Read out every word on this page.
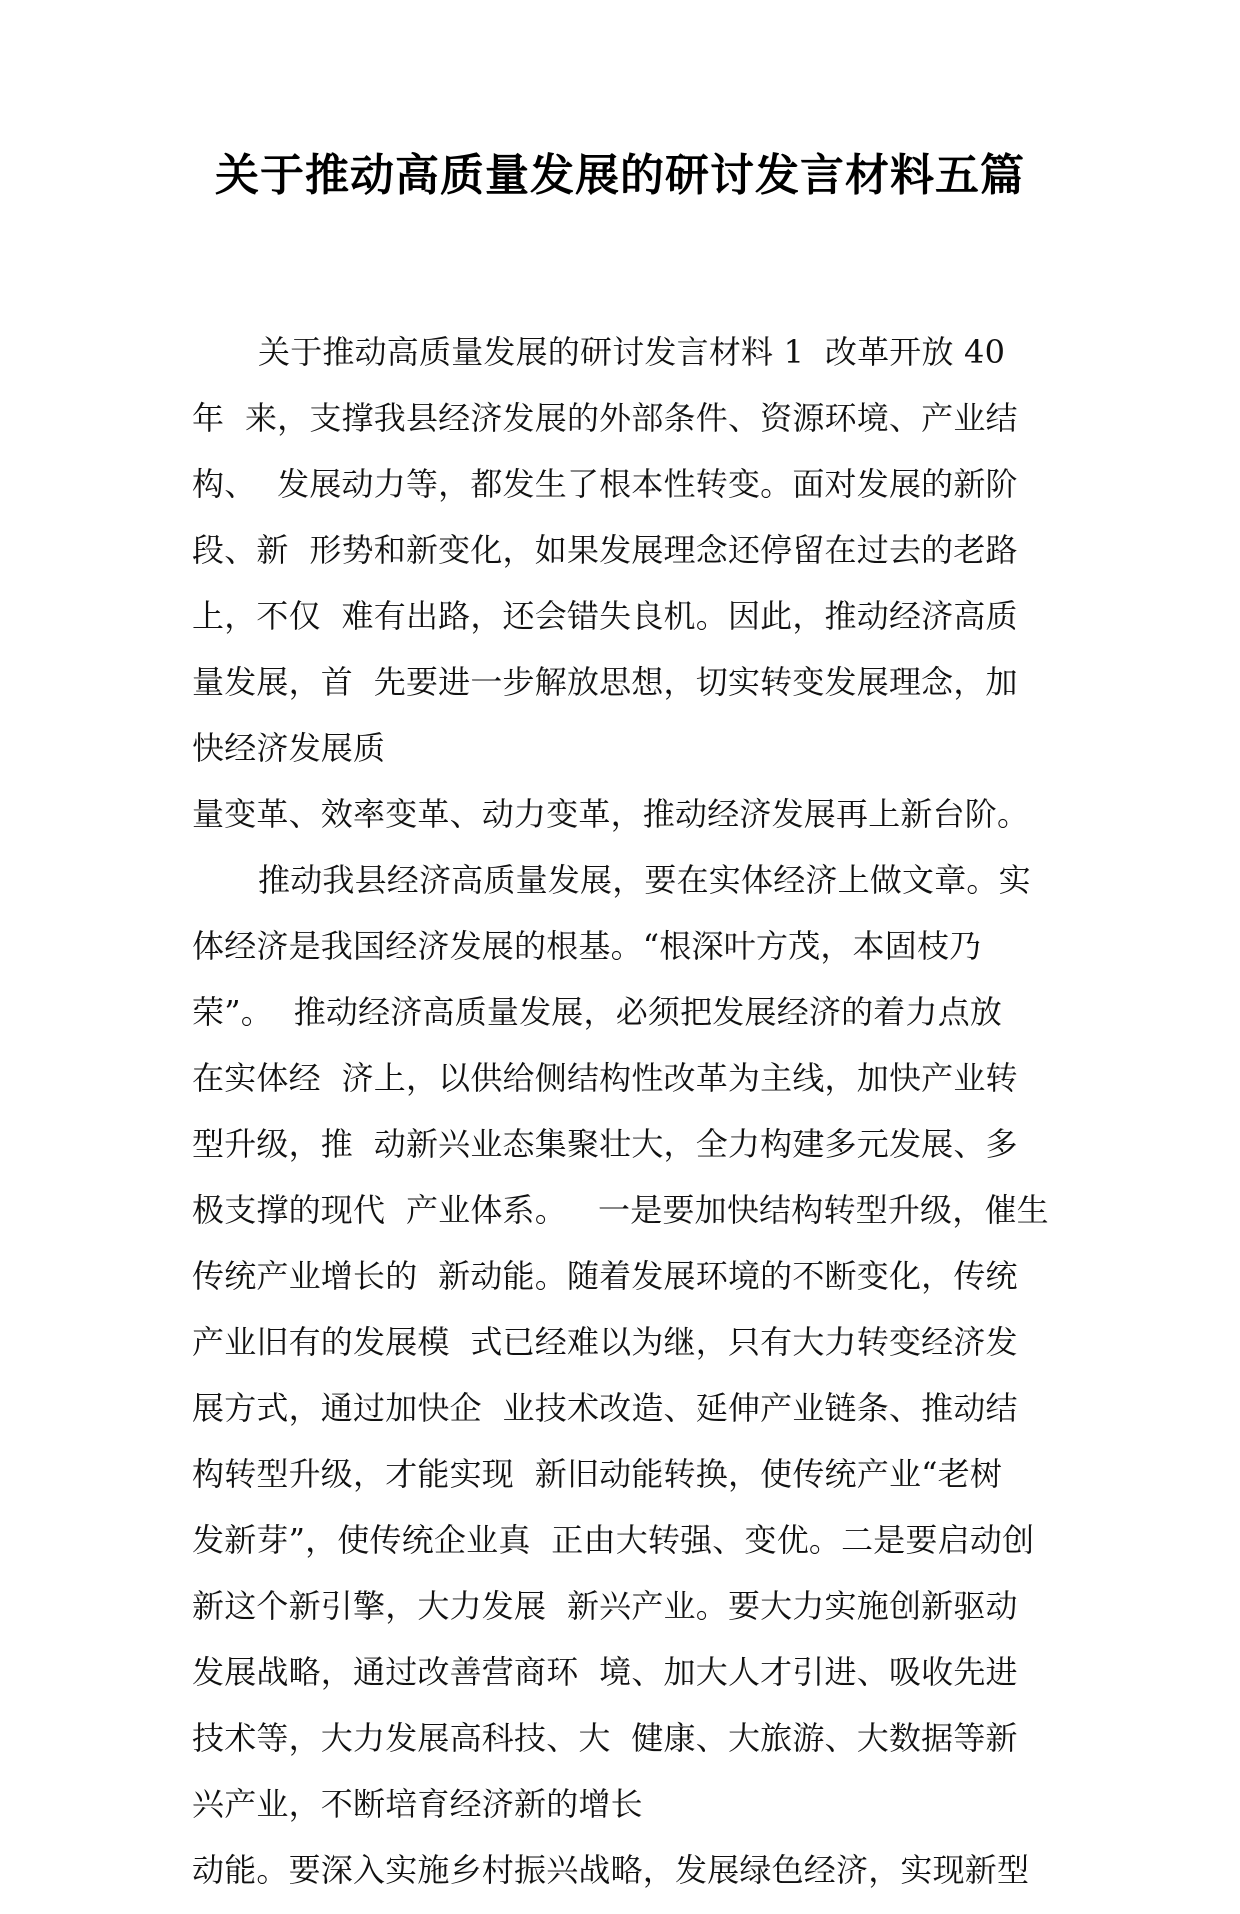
关于推动高质量发展的研讨发言材料五篇
关于推动高质量发展的研讨发言材料 1  改革开放 40
年  来，支撑我县经济发展的外部条件、资源环境、产业结
构、  发展动力等，都发生了根本性转变。面对发展的新阶
段、新  形势和新变化，如果发展理念还停留在过去的老路
上，不仅  难有出路，还会错失良机。因此，推动经济高质
量发展，首  先要进一步解放思想，切实转变发展理念，加
快经济发展质
量变革、效率变革、动力变革，推动经济发展再上新台阶。
推动我县经济高质量发展，要在实体经济上做文章。实
体经济是我国经济发展的根基。“根深叶方茂，本固枝乃
荣”。  推动经济高质量发展，必须把发展经济的着力点放
在实体经  济上，以供给侧结构性改革为主线，加快产业转
型升级，推  动新兴业态集聚壮大，全力构建多元发展、多
极支撑的现代  产业体系。   一是要加快结构转型升级，催生
传统产业增长的  新动能。随着发展环境的不断变化，传统
产业旧有的发展模  式已经难以为继，只有大力转变经济发
展方式，通过加快企  业技术改造、延伸产业链条、推动结
构转型升级，才能实现  新旧动能转换，使传统产业“老树
发新芽”，使传统企业真  正由大转强、变优。二是要启动创
新这个新引擎，大力发展  新兴产业。要大力实施创新驱动
发展战略，通过改善营商环  境、加大人才引进、吸收先进
技术等，大力发展高科技、大  健康、大旅游、大数据等新
兴产业，不断培育经济新的增长
动能。要深入实施乡村振兴战略，发展绿色经济，实现新型
